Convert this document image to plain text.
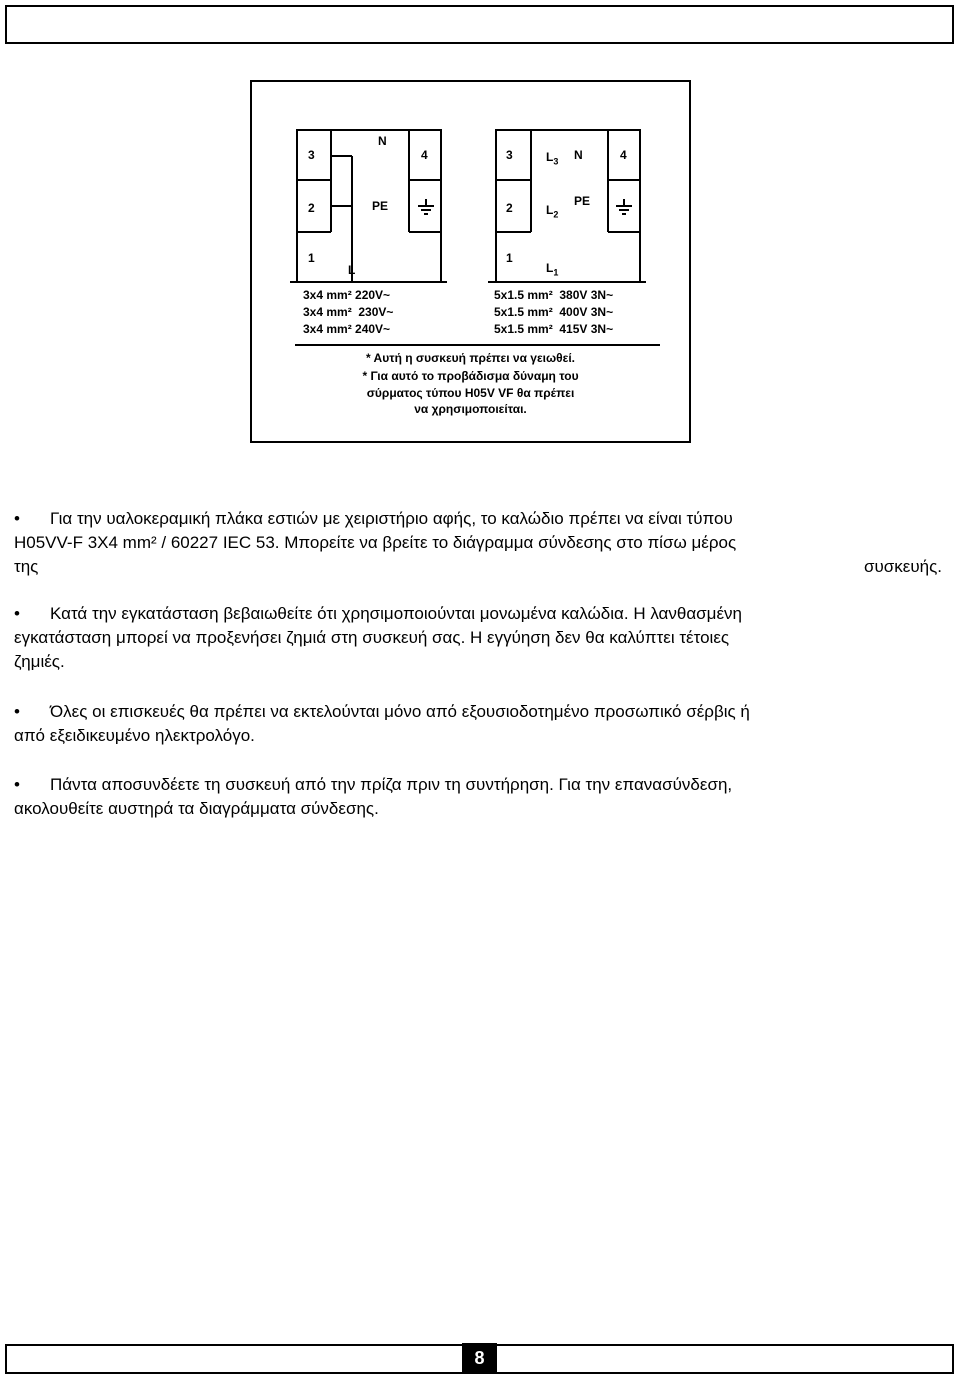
3
2
1
N
4
PE
L
3
2
1
$L_3$
$L_2$
$L_1$
N	4
PE
3x4 mm² 220V~
3x4 mm²  230V~
3x4 mm² 240V~
5x1.5 mm²  380V 3N~
5x1.5 mm²  400V 3N~
5x1.5 mm²  415V 3N~
* Αυτή η συσκευή πρέπει να γειωθεί.
* Για αυτό το προβάδισμα δύναμη του
σύρματος τύπου H05V VF θα πρέπει
να χρησιμοποιείται.
•	Για την υαλοκεραμική πλάκα εστιών με χειριστήριο αφής, το καλώδιο πρέπει να είναι τύπου
H05VV-F 3X4 mm² / 60227 IEC 53. Μπορείτε να βρείτε το διάγραμμα σύνδεσης στο πίσω μέρος
της	συσκευής.
•	Κατά την εγκατάσταση βεβαιωθείτε ότι χρησιμοποιούνται μονωμένα καλώδια. Η λανθασμένη
εγκατάσταση μπορεί να προξενήσει ζημιά στη συσκευή σας. Η εγγύηση δεν θα καλύπτει τέτοιες
ζημιές.
•	Όλες οι επισκευές θα πρέπει να εκτελούνται μόνο από εξουσιοδοτημένο προσωπικό σέρβις ή
από εξειδικευμένο ηλεκτρολόγο.
•	Πάντα αποσυνδέετε τη συσκευή από την πρίζα πριν τη συντήρηση. Για την επανασύνδεση,
ακολουθείτε αυστηρά τα διαγράμματα σύνδεσης.
8
